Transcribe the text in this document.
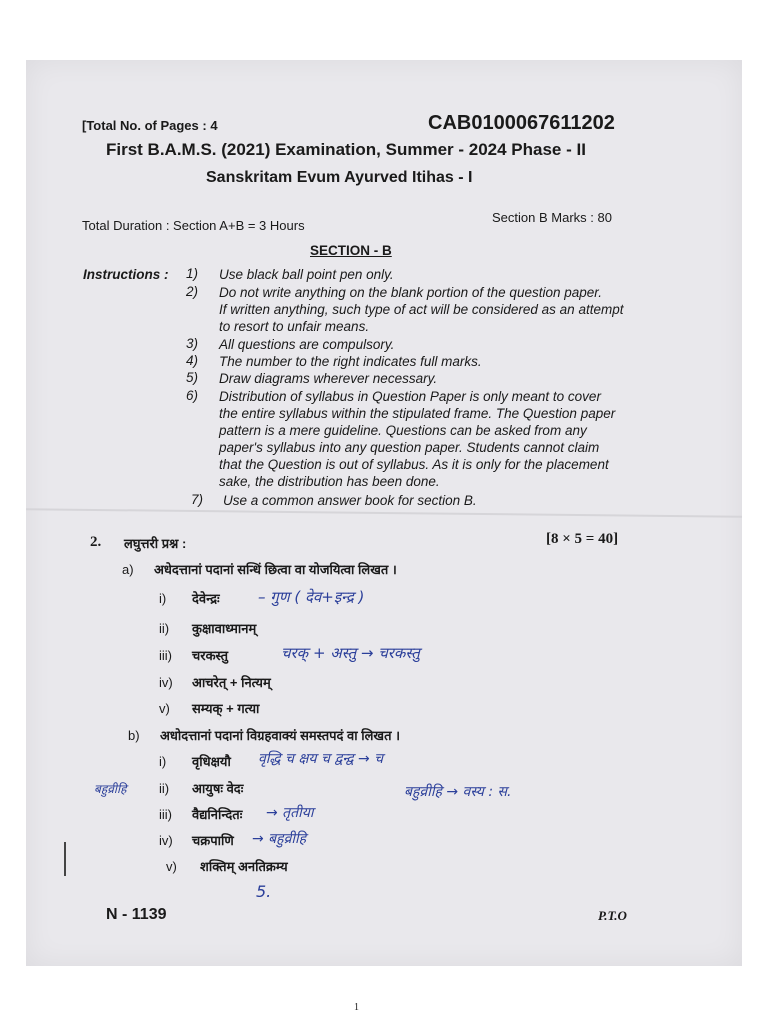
[Total No. of Pages : 4	CAB0100067611202
First B.A.M.S. (2021) Examination, Summer - 2024 Phase - II
Sanskritam Evum Ayurved Itihas - I
Total Duration : Section A+B = 3 Hours
Section B Marks : 80
SECTION - B
Instructions : 1) Use black ball point pen only.
2) Do not write anything on the blank portion of the question paper.
If written anything, such type of act will be considered as an attempt
to resort to unfair means.
3) All questions are compulsory.
4) The number to the right indicates full marks.
5) Draw diagrams wherever necessary.
6) Distribution of syllabus in Question Paper is only meant to cover
the entire syllabus within the stipulated frame. The Question paper
pattern is a mere guideline. Questions can be asked from any
paper's syllabus into any question paper. Students cannot claim
that the Question is out of syllabus. As it is only for the placement
sake, the distribution has been done.
7) Use a common answer book for section B.
2. लघुत्तरी प्रश्न :	[8 × 5 = 40]
a) अधेदत्तानां पदानां सन्धिं छित्वा वा योजयित्वा लिखत ।
i) देवेन्द्रः	– गुण ( देव+इन्द्र )
ii) कुक्षावाध्मानम्
iii) चरकस्तु	चरक् + अस्तु → चरकस्तु
iv) आचरेत् + नित्यम्
v) सम्यक् + गत्या
b) अधोदत्तानां पदानां विग्रहवाक्यं समस्तपदं वा लिखत ।
i) वृधिक्षयौ वृद्धि च क्षय च द्वन्द्व → च
बहुव्रीहि	ii) आयुषः वेदः	बहुव्रीहि → वस्य : स.
iii) वैद्यनिन्दितः → तृतीया
iv) चक्रपाणि → बहुव्रीहि
v) शक्तिम् अनतिक्रम्य
5.
N - 1139	P.T.O
1
